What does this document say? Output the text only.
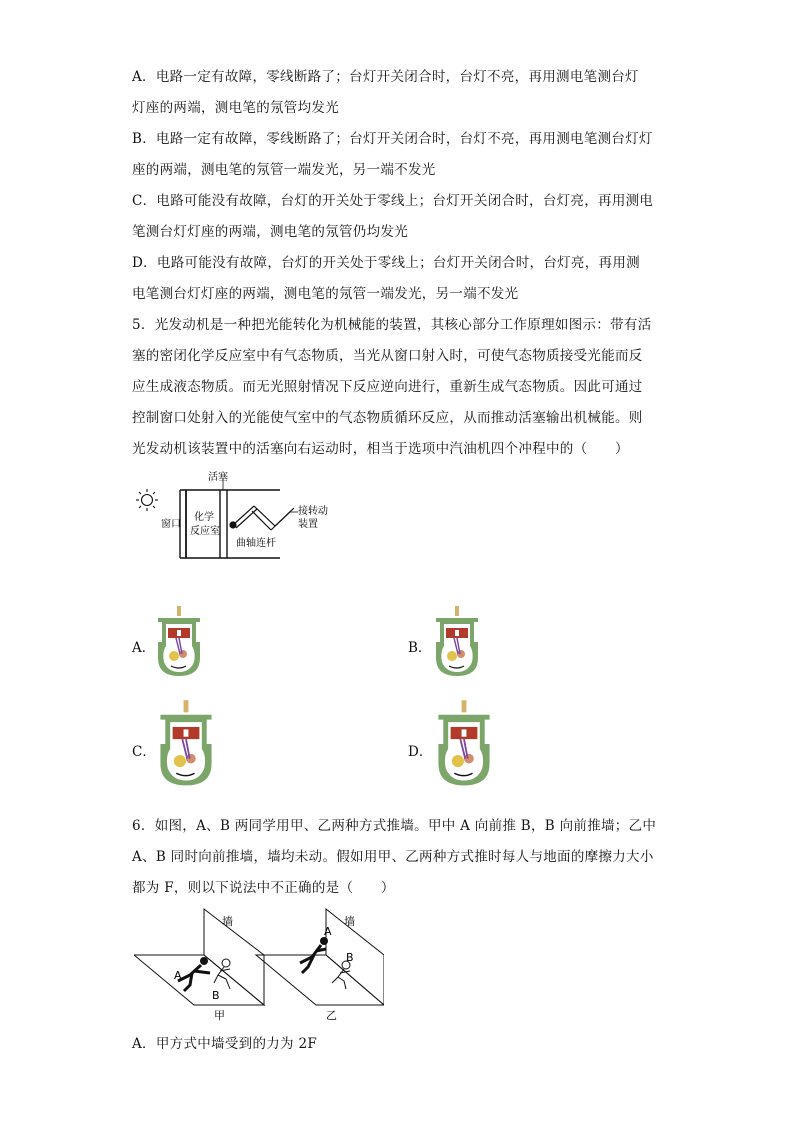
A．电路一定有故障，零线断路了；台灯开关闭合时，台灯不亮，再用测电笔测台灯
灯座的两端，测电笔的氖管均发光
B．电路一定有故障，零线断路了；台灯开关闭合时，台灯不亮，再用测电笔测台灯灯
座的两端，测电笔的氖管一端发光，另一端不发光
C．电路可能没有故障，台灯的开关处于零线上；台灯开关闭合时，台灯亮，再用测电
笔测台灯灯座的两端，测电笔的氖管仍均发光
D．电路可能没有故障，台灯的开关处于零线上；台灯开关闭合时，台灯亮，再用测
电笔测台灯灯座的两端，测电笔的氖管一端发光，另一端不发光
5．光发动机是一种把光能转化为机械能的装置，其核心部分工作原理如图示：带有活
塞的密闭化学反应室中有气态物质，当光从窗口射入时，可使气态物质接受光能而反
应生成液态物质。而无光照射情况下反应逆向进行，重新生成气态物质。因此可通过
控制窗口处射入的光能使气室中的气态物质循环反应，从而推动活塞输出机械能。则
光发动机该装置中的活塞向右运动时，相当于选项中汽油机四个冲程中的（　　）
活塞
窗口
化学
反应室
曲轴连杆
接转动
装置
A．	B．
C．	D．
6．如图，A、B 两同学用甲、乙两种方式推墙。甲中 A 向前推 B，B 向前推墙；乙中
A、B 同时向前推墙，墙均未动。假如用甲、乙两种方式推时每人与地面的摩擦力大小
都为 F，则以下说法中不正确的是（　　）
墙	墙
A
B
甲
A
B
乙
A．甲方式中墙受到的力为 2F
